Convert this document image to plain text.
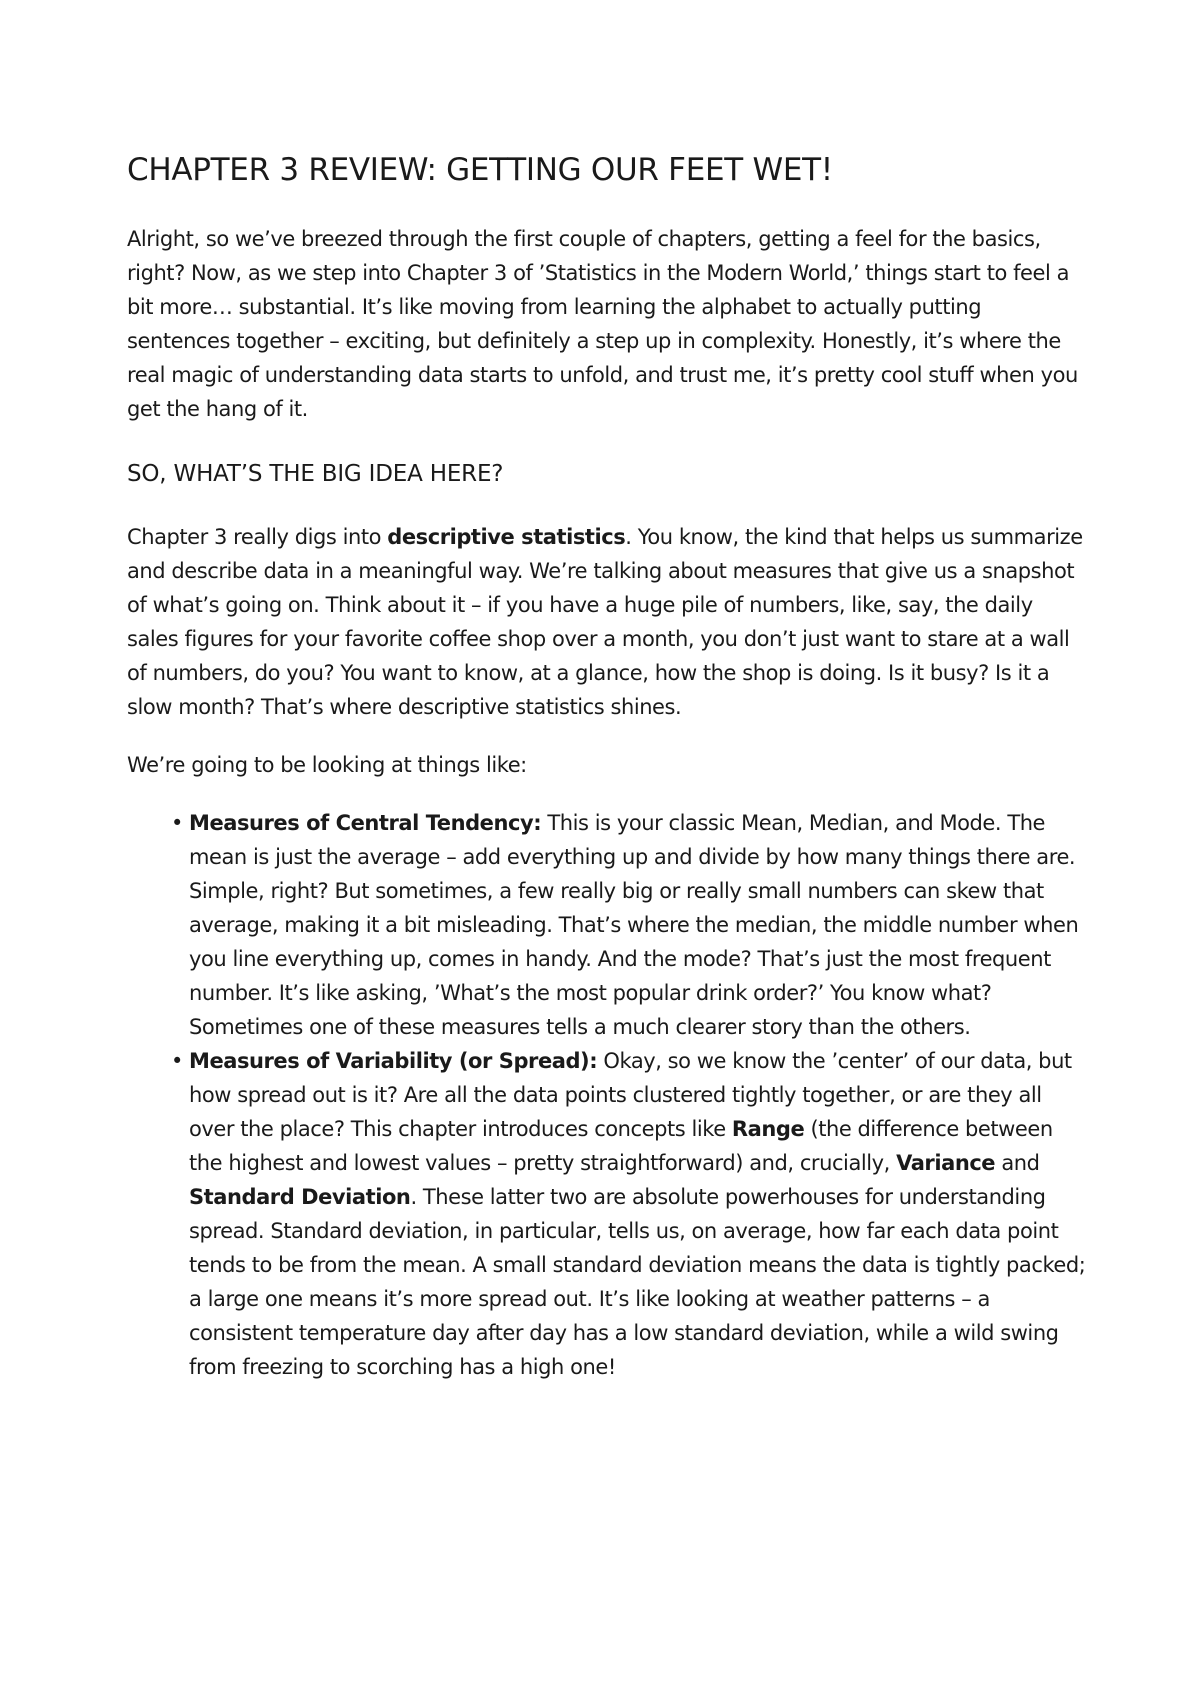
CHAPTER 3 REVIEW: GETTING OUR FEET WET!

Alright, so we’ve breezed through the first couple of chapters, getting a feel for the basics, right? Now, as we step into Chapter 3 of ’Statistics in the Modern World,’ things start to feel a bit more… substantial. It’s like moving from learning the alphabet to actually putting sentences together – exciting, but definitely a step up in complexity. Honestly, it’s where the real magic of understanding data starts to unfold, and trust me, it’s pretty cool stuff when you get the hang of it.

SO, WHAT’S THE BIG IDEA HERE?

Chapter 3 really digs into descriptive statistics. You know, the kind that helps us summarize and describe data in a meaningful way. We’re talking about measures that give us a snapshot of what’s going on. Think about it – if you have a huge pile of numbers, like, say, the daily sales figures for your favorite coffee shop over a month, you don’t just want to stare at a wall of numbers, do you? You want to know, at a glance, how the shop is doing. Is it busy? Is it a slow month? That’s where descriptive statistics shines.

We’re going to be looking at things like:

• Measures of Central Tendency: This is your classic Mean, Median, and Mode. The mean is just the average – add everything up and divide by how many things there are. Simple, right? But sometimes, a few really big or really small numbers can skew that average, making it a bit misleading. That’s where the median, the middle number when you line everything up, comes in handy. And the mode? That’s just the most frequent number. It’s like asking, ’What’s the most popular drink order?’ You know what? Sometimes one of these measures tells a much clearer story than the others.
• Measures of Variability (or Spread): Okay, so we know the ’center’ of our data, but how spread out is it? Are all the data points clustered tightly together, or are they all over the place? This chapter introduces concepts like Range (the difference between the highest and lowest values – pretty straightforward) and, crucially, Variance and Standard Deviation. These latter two are absolute powerhouses for understanding spread. Standard deviation, in particular, tells us, on average, how far each data point tends to be from the mean. A small standard deviation means the data is tightly packed; a large one means it’s more spread out. It’s like looking at weather patterns – a consistent temperature day after day has a low standard deviation, while a wild swing from freezing to scorching has a high one!
